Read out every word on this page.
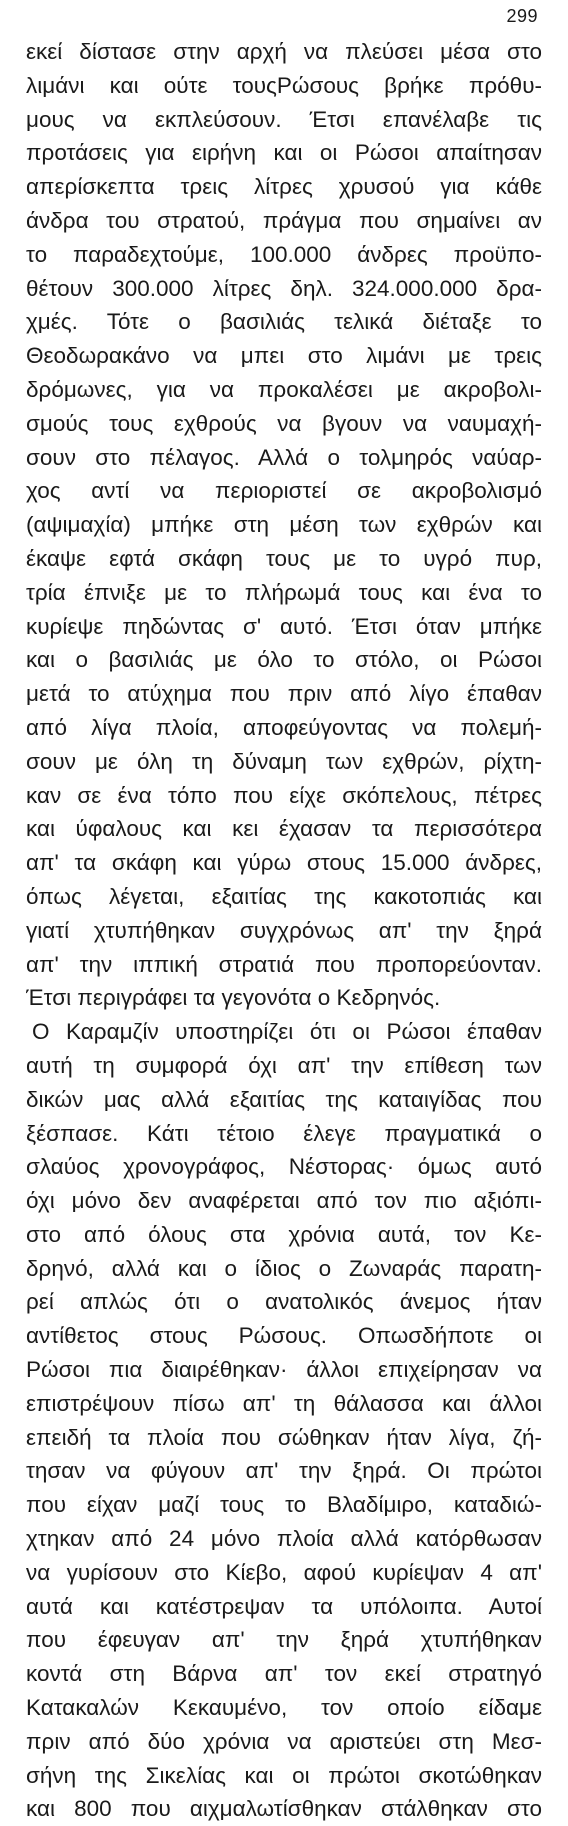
299
εκεί δίστασε στην αρχή να πλεύσει μέσα στο
λιμάνι και ούτε τουςΡώσους βρήκε πρόθυ-
μους να εκπλεύσουν. Έτσι επανέλαβε τις
προτάσεις για ειρήνη και οι Ρώσοι απαίτησαν
απερίσκεπτα τρεις λίτρες χρυσού για κάθε
άνδρα του στρατού, πράγμα που σημαίνει αν
το παραδεχτούμε, 100.000 άνδρες προϋπο-
θέτουν 300.000 λίτρες δηλ. 324.000.000 δρα-
χμές. Τότε ο βασιλιάς τελικά διέταξε το
Θεοδωρακάνο να μπει στο λιμάνι με τρεις
δρόμωνες, για να προκαλέσει με ακροβολι-
σμούς τους εχθρούς να βγουν να ναυμαχή-
σουν στο πέλαγος. Αλλά ο τολμηρός ναύαρ-
χος αντί να περιοριστεί σε ακροβολισμό
(αψιμαχία) μπήκε στη μέση των εχθρών και
έκαψε εφτά σκάφη τους με το υγρό πυρ,
τρία έπνιξε με το πλήρωμά τους και ένα το
κυρίεψε πηδώντας σ' αυτό. Έτσι όταν μπήκε
και ο βασιλιάς με όλο το στόλο, οι Ρώσοι
μετά το ατύχημα που πριν από λίγο έπαθαν
από λίγα πλοία, αποφεύγοντας να πολεμή-
σουν με όλη τη δύναμη των εχθρών, ρίχτη-
καν σε ένα τόπο που είχε σκόπελους, πέτρες
και ύφαλους και κει έχασαν τα περισσότερα
απ' τα σκάφη και γύρω στους 15.000 άνδρες,
όπως λέγεται, εξαιτίας της κακοτοπιάς και
γιατί χτυπήθηκαν συγχρόνως απ' την ξηρά
απ' την ιππική στρατιά που προπορεύονταν.
Έτσι περιγράφει τα γεγονότα ο Κεδρηνός.
Ο Καραμζίν υποστηρίζει ότι οι Ρώσοι έπαθαν
αυτή τη συμφορά όχι απ' την επίθεση των
δικών μας αλλά εξαιτίας της καταιγίδας που
ξέσπασε. Κάτι τέτοιο έλεγε πραγματικά ο
σλαύος χρονογράφος, Νέστορας· όμως αυτό
όχι μόνο δεν αναφέρεται από τον πιο αξιόπι-
στο από όλους στα χρόνια αυτά, τον Κε-
δρηνό, αλλά και ο ίδιος ο Ζωναράς παρατη-
ρεί απλώς ότι ο ανατολικός άνεμος ήταν
αντίθετος στους Ρώσους. Οπωσδήποτε οι
Ρώσοι πια διαιρέθηκαν· άλλοι επιχείρησαν να
επιστρέψουν πίσω απ' τη θάλασσα και άλλοι
επειδή τα πλοία που σώθηκαν ήταν λίγα, ζή-
τησαν να φύγουν απ' την ξηρά. Οι πρώτοι
που είχαν μαζί τους το Βλαδίμιρο, καταδιώ-
χτηκαν από 24 μόνο πλοία αλλά κατόρθωσαν
να γυρίσουν στο Κίεβο, αφού κυρίεψαν 4 απ'
αυτά και κατέστρεψαν τα υπόλοιπα. Αυτοί
που έφευγαν απ' την ξηρά χτυπήθηκαν
κοντά στη Βάρνα απ' τον εκεί στρατηγό
Κατακαλών Κεκαυμένο, τον οποίο είδαμε
πριν από δύο χρόνια να αριστεύει στη Μεσ-
σήνη της Σικελίας και οι πρώτοι σκοτώθηκαν
και 800 που αιχμαλωτίσθηκαν στάλθηκαν στο
